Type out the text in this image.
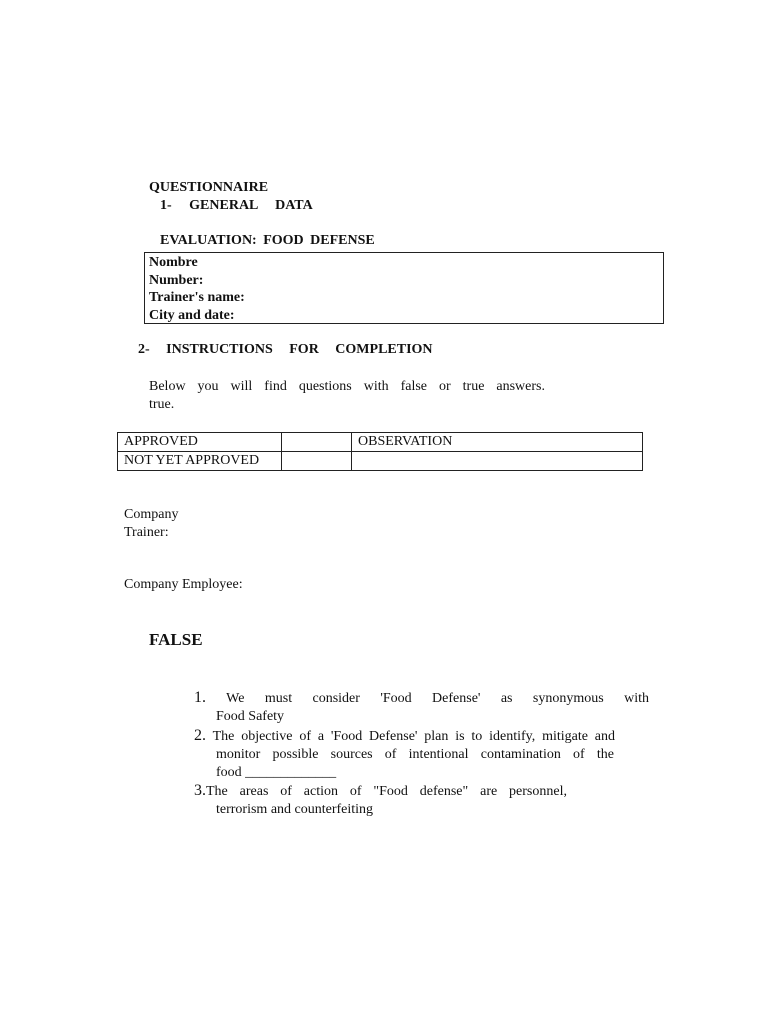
QUESTIONNAIRE
1- GENERAL DATA
EVALUATION: FOOD DEFENSE
Nombre
Number:
Trainer's name:
City and date:
2- INSTRUCTIONS FOR COMPLETION
Below you will find questions with false or true answers.
true.
APPROVED		OBSERVATION
NOT YET APPROVED		
Company Trainer:
Company Employee:
FALSE
1. We must consider 'Food Defense' as synonymous with
Food Safety
2. The objective of a 'Food Defense' plan is to identify, mitigate and
monitor possible sources of intentional contamination of the
food _____________
3.The areas of action of "Food defense" are personnel,
terrorism and counterfeiting
